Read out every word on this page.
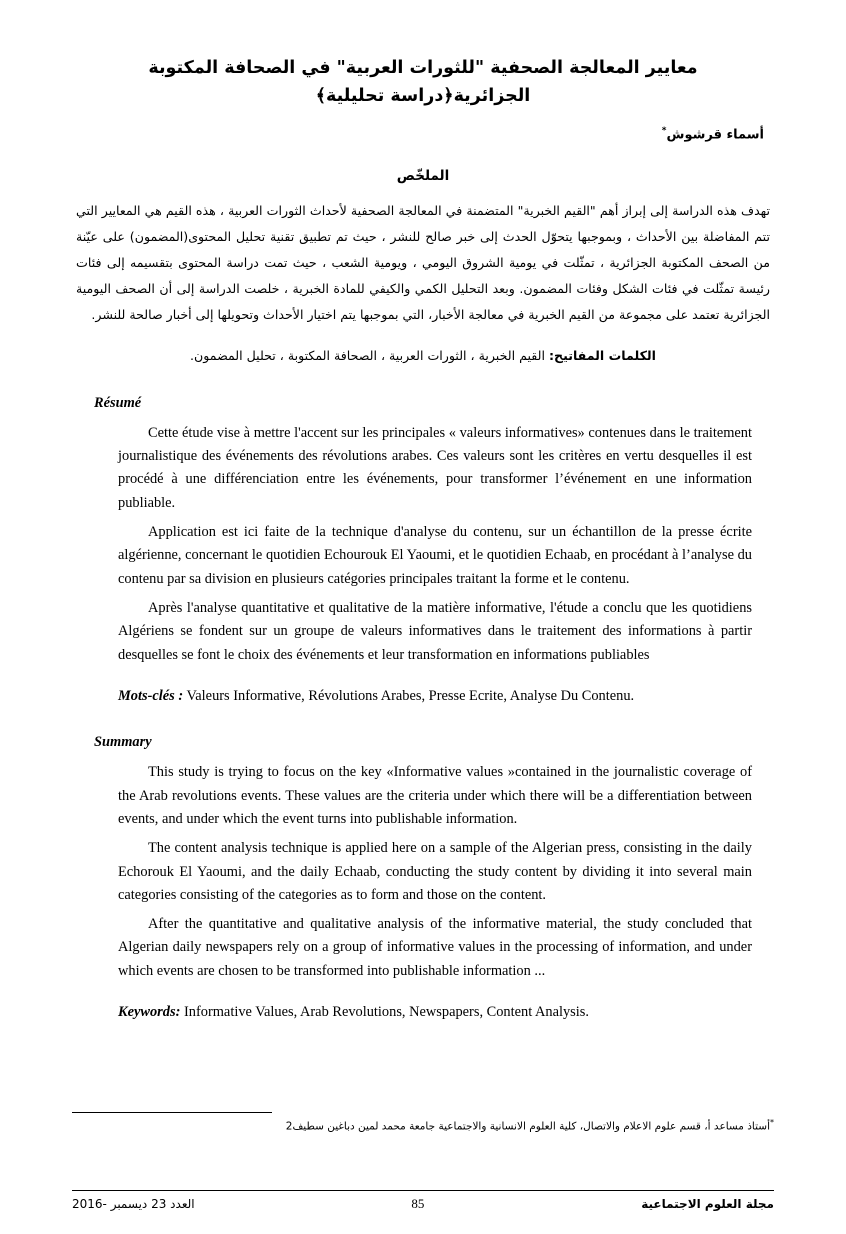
معايير المعالجة الصحفية "للثورات العربية" في الصحافة المكتوبة الجزائرية﴿دراسة تحليلية﴾
أسماء قرشوش*
الملخّص
تهدف هذه الدراسة إلى إبراز أهم "القيم الخبرية" المتضمنة في المعالجة الصحفية لأحداث الثورات العربية ، هذه القيم هي المعايير التي تتم المفاضلة بين الأحداث ، وبموجبها يتحوّل الحدث إلى خبر صالح للنشر ، حيث تم تطبيق تقنية تحليل المحتوى(المضمون) على عيّنة من الصحف المكتوبة الجزائرية ، تمثّلت في يومية الشروق اليومي ، ويومية الشعب ، حيث تمت دراسة المحتوى بتقسيمه إلى فئات رئيسة تمثّلت في فئات الشكل وفئات المضمون. وبعد التحليل الكمي والكيفي للمادة الخبرية ، خلصت الدراسة إلى أن الصحف اليومية الجزائرية تعتمد على مجموعة من القيم الخبرية في معالجة الأخبار، التي بموجبها يتم اختيار الأحداث وتحويلها إلى أخبار صالحة للنشر.
الكلمات المفاتيح: القيم الخبرية ، الثورات العربية ، الصحافة المكتوبة ، تحليل المضمون.
Résumé

Cette étude vise à mettre l'accent sur les principales « valeurs informatives» contenues dans le traitement journalistique des événements des révolutions arabes. Ces valeurs sont les critères en vertu desquelles il est procédé à une différenciation entre les événements, pour transformer l’événement en une information publiable.

Application est ici faite de la technique d'analyse du contenu, sur un échantillon de la presse écrite algérienne, concernant le quotidien Echourouk El Yaoumi, et le quotidien Echaab, en procédant à l’analyse du contenu par sa division en plusieurs catégories principales traitant la forme et le contenu.

Après l'analyse quantitative et qualitative de la matière informative, l'étude a conclu que les quotidiens Algériens se fondent sur un groupe de valeurs informatives dans le traitement des informations à partir desquelles se font le choix des événements et leur transformation en informations publiables

Mots-clés : Valeurs Informative, Révolutions Arabes, Presse Ecrite, Analyse Du Contenu.
Summary

This study is trying to focus on the key «Informative values »contained in the journalistic coverage of the Arab revolutions events. These values are the criteria under which there will be a differentiation between events, and under which the event turns into publishable information.

The content analysis technique is applied here on a sample of the Algerian press, consisting in the daily Echorouk El Yaoumi, and the daily Echaab, conducting the study content by dividing it into several main categories consisting of the categories as to form and those on the content.

After the quantitative and qualitative analysis of the informative material, the study concluded that Algerian daily newspapers rely on a group of informative values in the processing of information, and under which events are chosen to be transformed into publishable information ...

Keywords: Informative Values, Arab Revolutions, Newspapers, Content Analysis.
*أستاذ مساعد أ، قسم علوم الاعلام والاتصال، كلية العلوم الانسانية والاجتماعية جامعة محمد لمين دباغين سطيف2
العدد 23 ديسمبر -2016	85	مجلة العلوم الاجتماعية
